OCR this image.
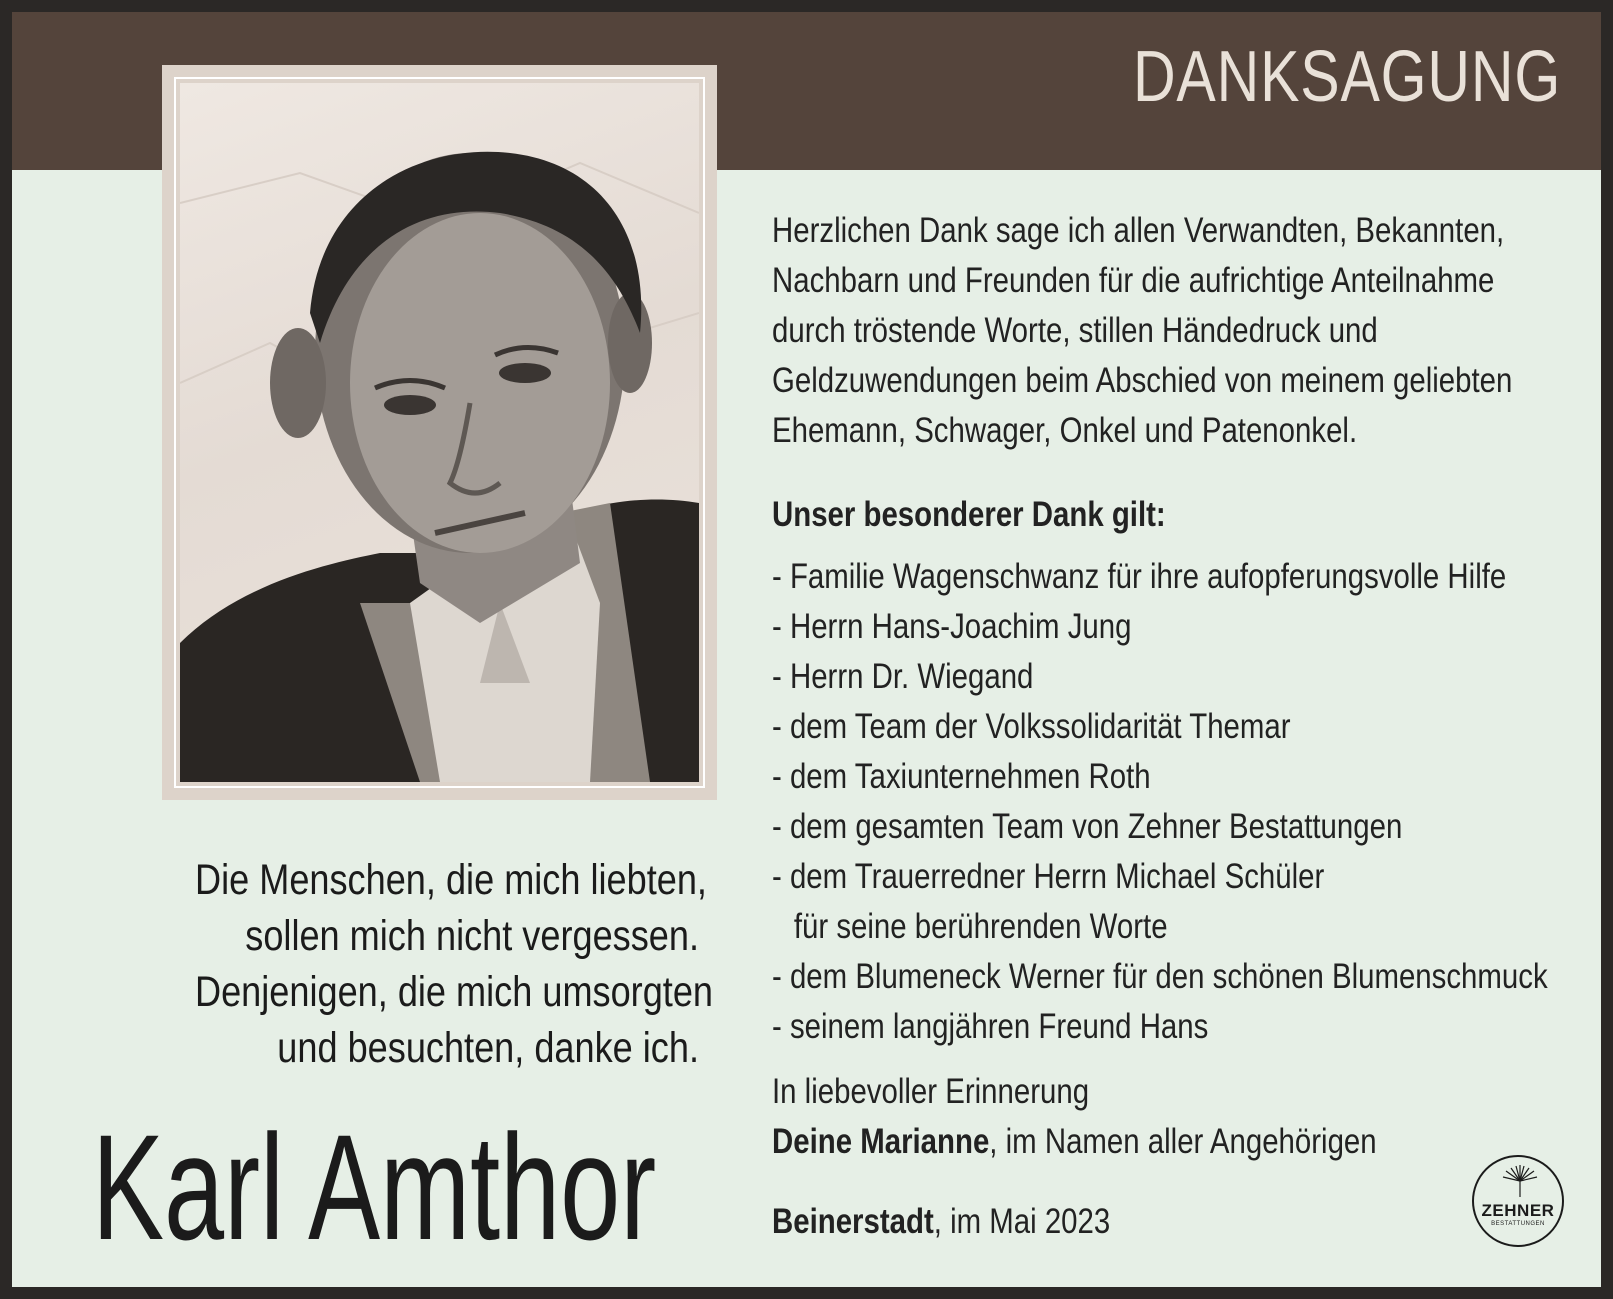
DANKSAGUNG
Die Menschen, die mich liebten,
sollen mich nicht vergessen.
Denjenigen, die mich umsorgten
und besuchten, danke ich.
Karl Amthor
Herzlichen Dank sage ich allen Verwandten, Bekannten,
Nachbarn und Freunden für die aufrichtige Anteilnahme
durch tröstende Worte, stillen Händedruck und
Geldzuwendungen beim Abschied von meinem geliebten
Ehemann, Schwager, Onkel und Patenonkel.
Unser besonderer Dank gilt:
- Familie Wagenschwanz für ihre aufopferungsvolle Hilfe
- Herrn Hans-Joachim Jung
- Herrn Dr. Wiegand
- dem Team der Volkssolidarität Themar
- dem Taxiunternehmen Roth
- dem gesamten Team von Zehner Bestattungen
- dem Trauerredner Herrn Michael Schüler
für seine berührenden Worte
- dem Blumeneck Werner für den schönen Blumenschmuck
- seinem langjähren Freund Hans
In liebevoller Erinnerung
Deine Marianne, im Namen aller Angehörigen
Beinerstadt, im Mai 2023	ZEHNER
BESTATTUNGEN
